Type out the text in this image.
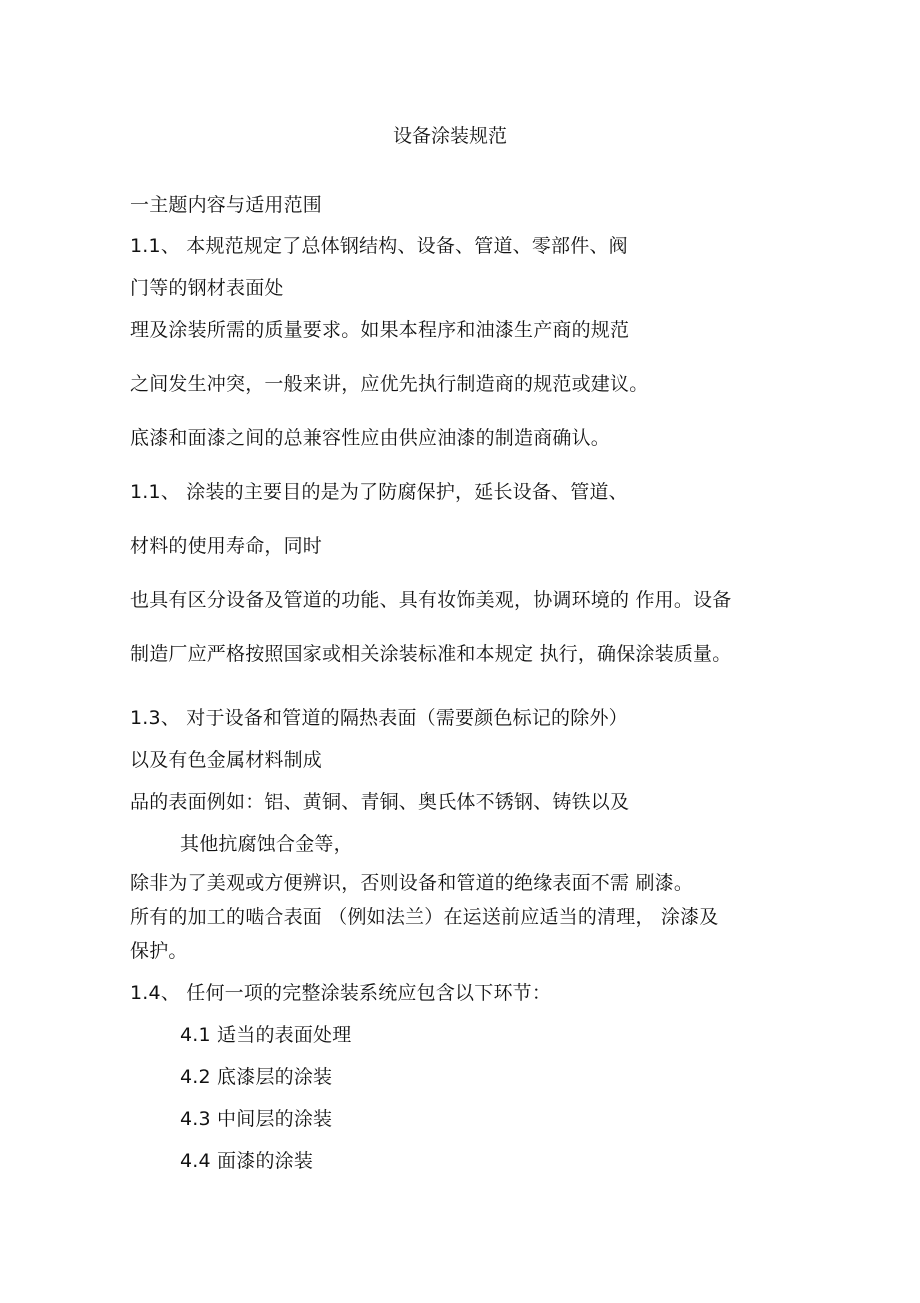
设备涂装规范

一主题内容与适用范围

1.1、 本规范规定了总体钢结构、设备、管道、零部件、阀

门等的钢材表面处

理及涂装所需的质量要求。如果本程序和油漆生产商的规范

之间发生冲突，一般来讲，应优先执行制造商的规范或建议。

底漆和面漆之间的总兼容性应由供应油漆的制造商确认。

1.1、 涂装的主要目的是为了防腐保护，延长设备、管道、

材料的使用寿命，同时

也具有区分设备及管道的功能、具有妆饰美观，协调环境的 作用。设备

制造厂应严格按照国家或相关涂装标准和本规定 执行，确保涂装质量。

1.3、 对于设备和管道的隔热表面（需要颜色标记的除外）

以及有色金属材料制成

品的表面例如：铝、黄铜、青铜、奥氏体不锈钢、铸铁以及

其他抗腐蚀合金等，

除非为了美观或方便辨识，否则设备和管道的绝缘表面不需 刷漆。

所有的加工的啮合表面 （例如法兰）在运送前应适当的清理， 涂漆及

保护。

1.4、 任何一项的完整涂装系统应包含以下环节：

4.1 适当的表面处理

4.2 底漆层的涂装

4.3 中间层的涂装

4.4 面漆的涂装
